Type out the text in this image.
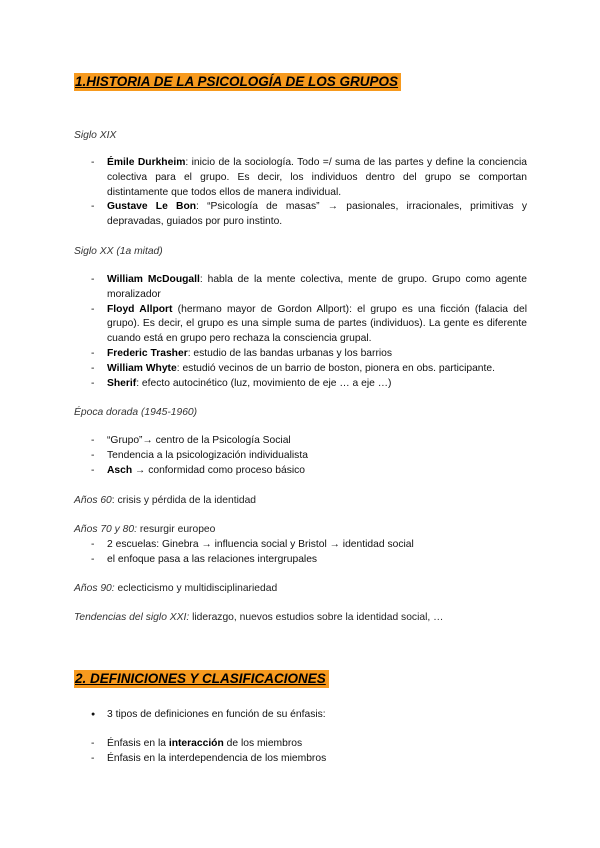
1.HISTORIA DE LA PSICOLOGÍA DE LOS GRUPOS
Siglo XIX
- Émile Durkheim: inicio de la sociología. Todo =/ suma de las partes y define la conciencia colectiva para el grupo. Es decir, los individuos dentro del grupo se comportan distintamente que todos ellos de manera individual.
- Gustave Le Bon: “Psicología de masas” → pasionales, irracionales, primitivas y depravadas, guiados por puro instinto.
Siglo XX (1a mitad)
- William McDougall: habla de la mente colectiva, mente de grupo. Grupo como agente moralizador
- Floyd Allport (hermano mayor de Gordon Allport): el grupo es una ficción (falacia del grupo). Es decir, el grupo es una simple suma de partes (individuos). La gente es diferente cuando está en grupo pero rechaza la consciencia grupal.
- Frederic Trasher: estudio de las bandas urbanas y los barrios
- William Whyte: estudió vecinos de un barrio de boston, pionera en obs. participante.
- Sherif: efecto autocinético (luz, movimiento de eje … a eje …)
Época dorada (1945-1960)
- “Grupo”→ centro de la Psicología Social
- Tendencia a la psicologización individualista
- Asch → conformidad como proceso básico
Años 60: crisis y pérdida de la identidad
Años 70 y 80: resurgir europeo
- 2 escuelas: Ginebra → influencia social y Bristol → identidad social
- el enfoque pasa a las relaciones intergrupales
Años 90: eclecticismo y multidisciplinariedad
Tendencias del siglo XXI: liderazgo, nuevos estudios sobre la identidad social, …
2. DEFINICIONES Y CLASIFICACIONES
● 3 tipos de definiciones en función de su énfasis:
- Énfasis en la interacción de los miembros
- Énfasis en la interdependencia de los miembros
